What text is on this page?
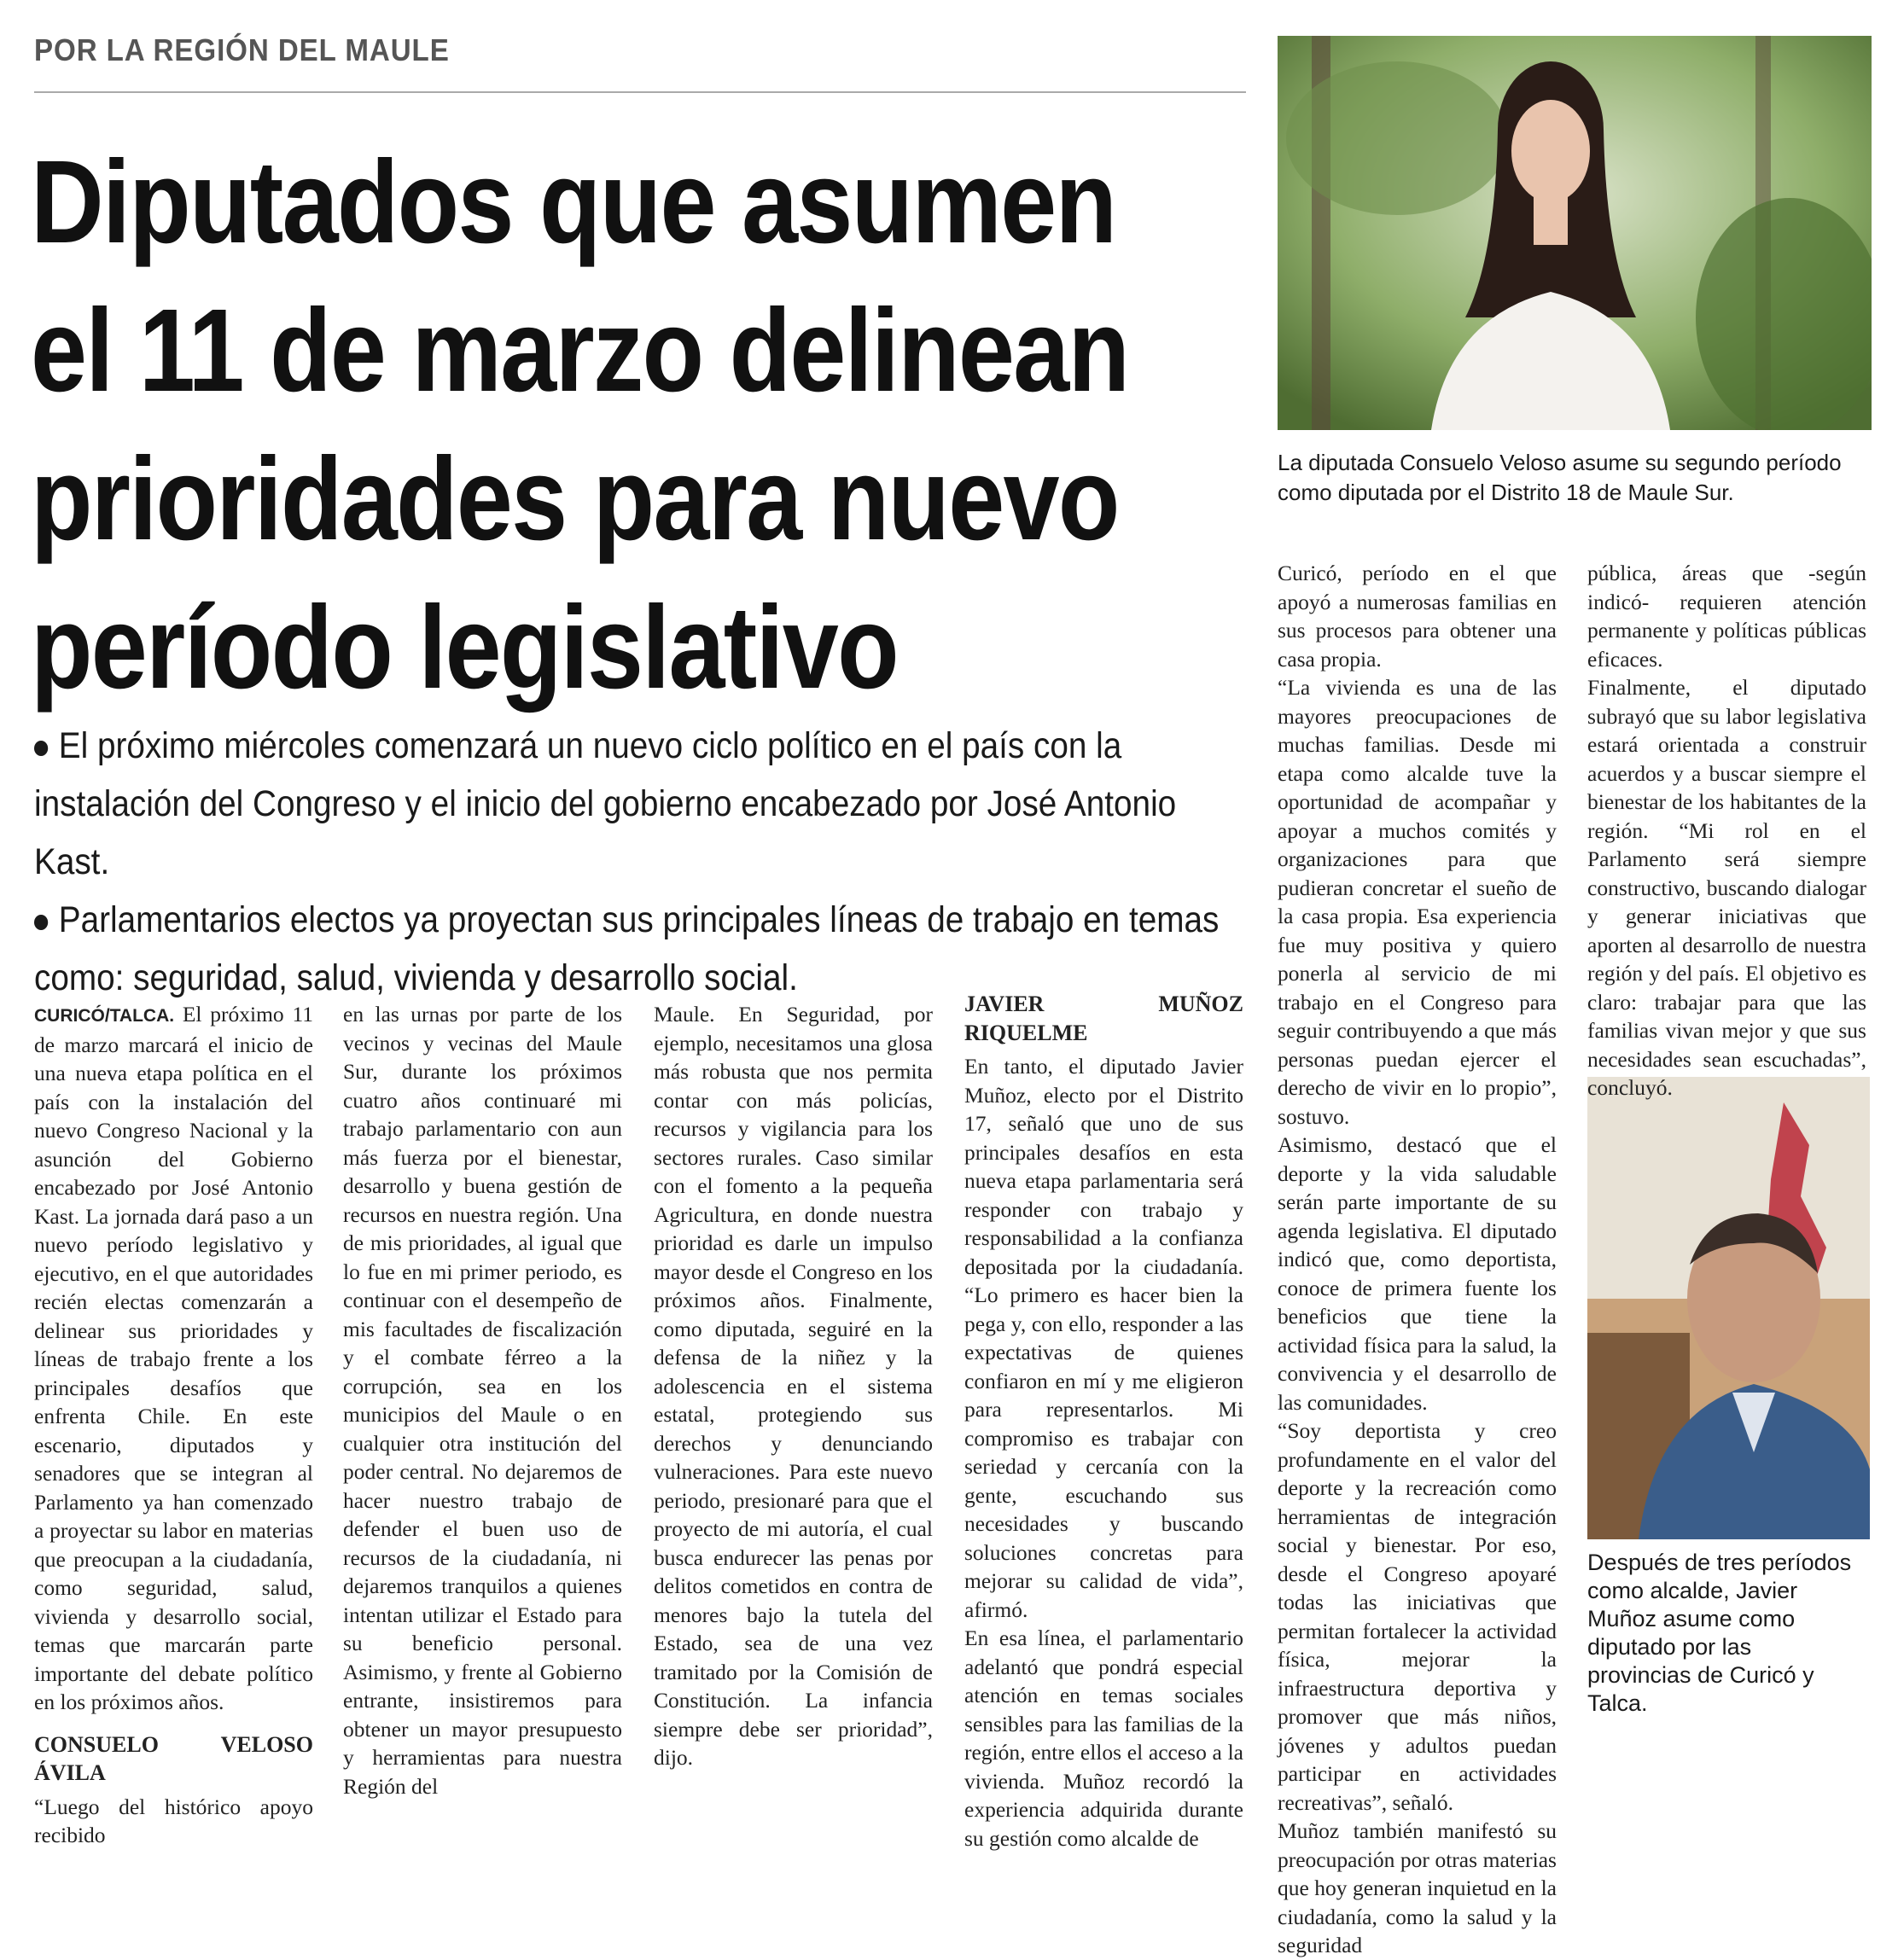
POR LA REGIÓN DEL MAULE
Diputados que asumen
el 11 de marzo delinean
prioridades para nuevo
período legislativo

El próximo miércoles comenzará un nuevo ciclo político en el país con la instalación del Congreso y el inicio del gobierno encabezado por José Antonio Kast.

Parlamentarios electos ya proyectan sus principales líneas de trabajo en temas como: seguridad, salud, vivienda y desarrollo social.

La diputada Consuelo Veloso asume su segundo período como diputada por el Distrito 18 de Maule Sur.
Después de tres períodos como alcalde, Javier Muñoz asume como diputado por las provincias de Curicó y Talca.

CURICÓ/TALCA. El próximo 11 de marzo marcará el inicio de una nueva etapa política en el país con la instalación del nuevo Congreso Nacional y la asunción del Gobierno encabezado por José Antonio Kast. La jornada dará paso a un nuevo período legislativo y ejecutivo, en el que autoridades recién electas comenzarán a delinear sus prioridades y líneas de trabajo frente a los principales desafíos que enfrenta Chile. En este escenario, diputados y senadores que se integran al Parlamento ya han comenzado a proyectar su labor en materias que preocupan a la ciudadanía, como seguridad, salud, vivienda y desarrollo social, temas que marcarán parte importante del debate político en los próximos años.

CONSUELO VELOSO ÁVILA

“Luego del histórico apoyo recibido

en las urnas por parte de los vecinos y vecinas del Maule Sur, durante los próximos cuatro años continuaré mi trabajo parlamentario con aun más fuerza por el bienestar, desarrollo y buena gestión de recursos en nuestra región. Una de mis prioridades, al igual que lo fue en mi primer periodo, es continuar con el desempeño de mis facultades de fiscalización y el combate férreo a la corrupción, sea en los municipios del Maule o en cualquier otra institución del poder central. No dejaremos de hacer nuestro trabajo de defender el buen uso de recursos de la ciudadanía, ni dejaremos tranquilos a quienes intentan utilizar el Estado para su beneficio personal. Asimismo, y frente al Gobierno entrante, insistiremos para obtener un mayor presupuesto y herramientas para nuestra Región del

Maule. En Seguridad, por ejemplo, necesitamos una glosa más robusta que nos permita contar con más policías, recursos y vigilancia para los sectores rurales. Caso similar con el fomento a la pequeña Agricultura, en donde nuestra prioridad es darle un impulso mayor desde el Congreso en los próximos años. Finalmente, como diputada, seguiré en la defensa de la niñez y la adolescencia en el sistema estatal, protegiendo sus derechos y denunciando vulneraciones. Para este nuevo periodo, presionaré para que el proyecto de mi autoría, el cual busca endurecer las penas por delitos cometidos en contra de menores bajo la tutela del Estado, sea de una vez tramitado por la Comisión de Constitución. La infancia siempre debe ser prioridad”, dijo.

JAVIER MUÑOZ RIQUELME

En tanto, el diputado Javier Muñoz, electo por el Distrito 17, señaló que uno de sus principales desafíos en esta nueva etapa parlamentaria será responder con trabajo y responsabilidad a la confianza depositada por la ciudadanía. “Lo primero es hacer bien la pega y, con ello, responder a las expectativas de quienes confiaron en mí y me eligieron para representarlos. Mi compromiso es trabajar con seriedad y cercanía con la gente, escuchando sus necesidades y buscando soluciones concretas para mejorar su calidad de vida”, afirmó.

En esa línea, el parlamentario adelantó que pondrá especial atención en temas sociales sensibles para las familias de la región, entre ellos el acceso a la vivienda. Muñoz recordó la experiencia adquirida durante su gestión como alcalde de

Curicó, período en el que apoyó a numerosas familias en sus procesos para obtener una casa propia.

“La vivienda es una de las mayores preocupaciones de muchas familias. Desde mi etapa como alcalde tuve la oportunidad de acompañar y apoyar a muchos comités y organizaciones para que pudieran concretar el sueño de la casa propia. Esa experiencia fue muy positiva y quiero ponerla al servicio de mi trabajo en el Congreso para seguir contribuyendo a que más personas puedan ejercer el derecho de vivir en lo propio”, sostuvo.

Asimismo, destacó que el deporte y la vida saludable serán parte importante de su agenda legislativa. El diputado indicó que, como deportista, conoce de primera fuente los beneficios que tiene la actividad física para la salud, la convivencia y el desarrollo de las comunidades.

“Soy deportista y creo profundamente en el valor del deporte y la recreación como herramientas de integración social y bienestar. Por eso, desde el Congreso apoyaré todas las iniciativas que permitan fortalecer la actividad física, mejorar la infraestructura deportiva y promover que más niños, jóvenes y adultos puedan participar en actividades recreativas”, señaló.

Muñoz también manifestó su preocupación por otras materias que hoy generan inquietud en la ciudadanía, como la salud y la seguridad

pública, áreas que -según indicó- requieren atención permanente y políticas públicas eficaces.

Finalmente, el diputado subrayó que su labor legislativa estará orientada a construir acuerdos y a buscar siempre el bienestar de los habitantes de la región. “Mi rol en el Parlamento será siempre constructivo, buscando dialogar y generar iniciativas que aporten al desarrollo de nuestra región y del país. El objetivo es claro: trabajar para que las familias vivan mejor y que sus necesidades sean escuchadas”, concluyó.
